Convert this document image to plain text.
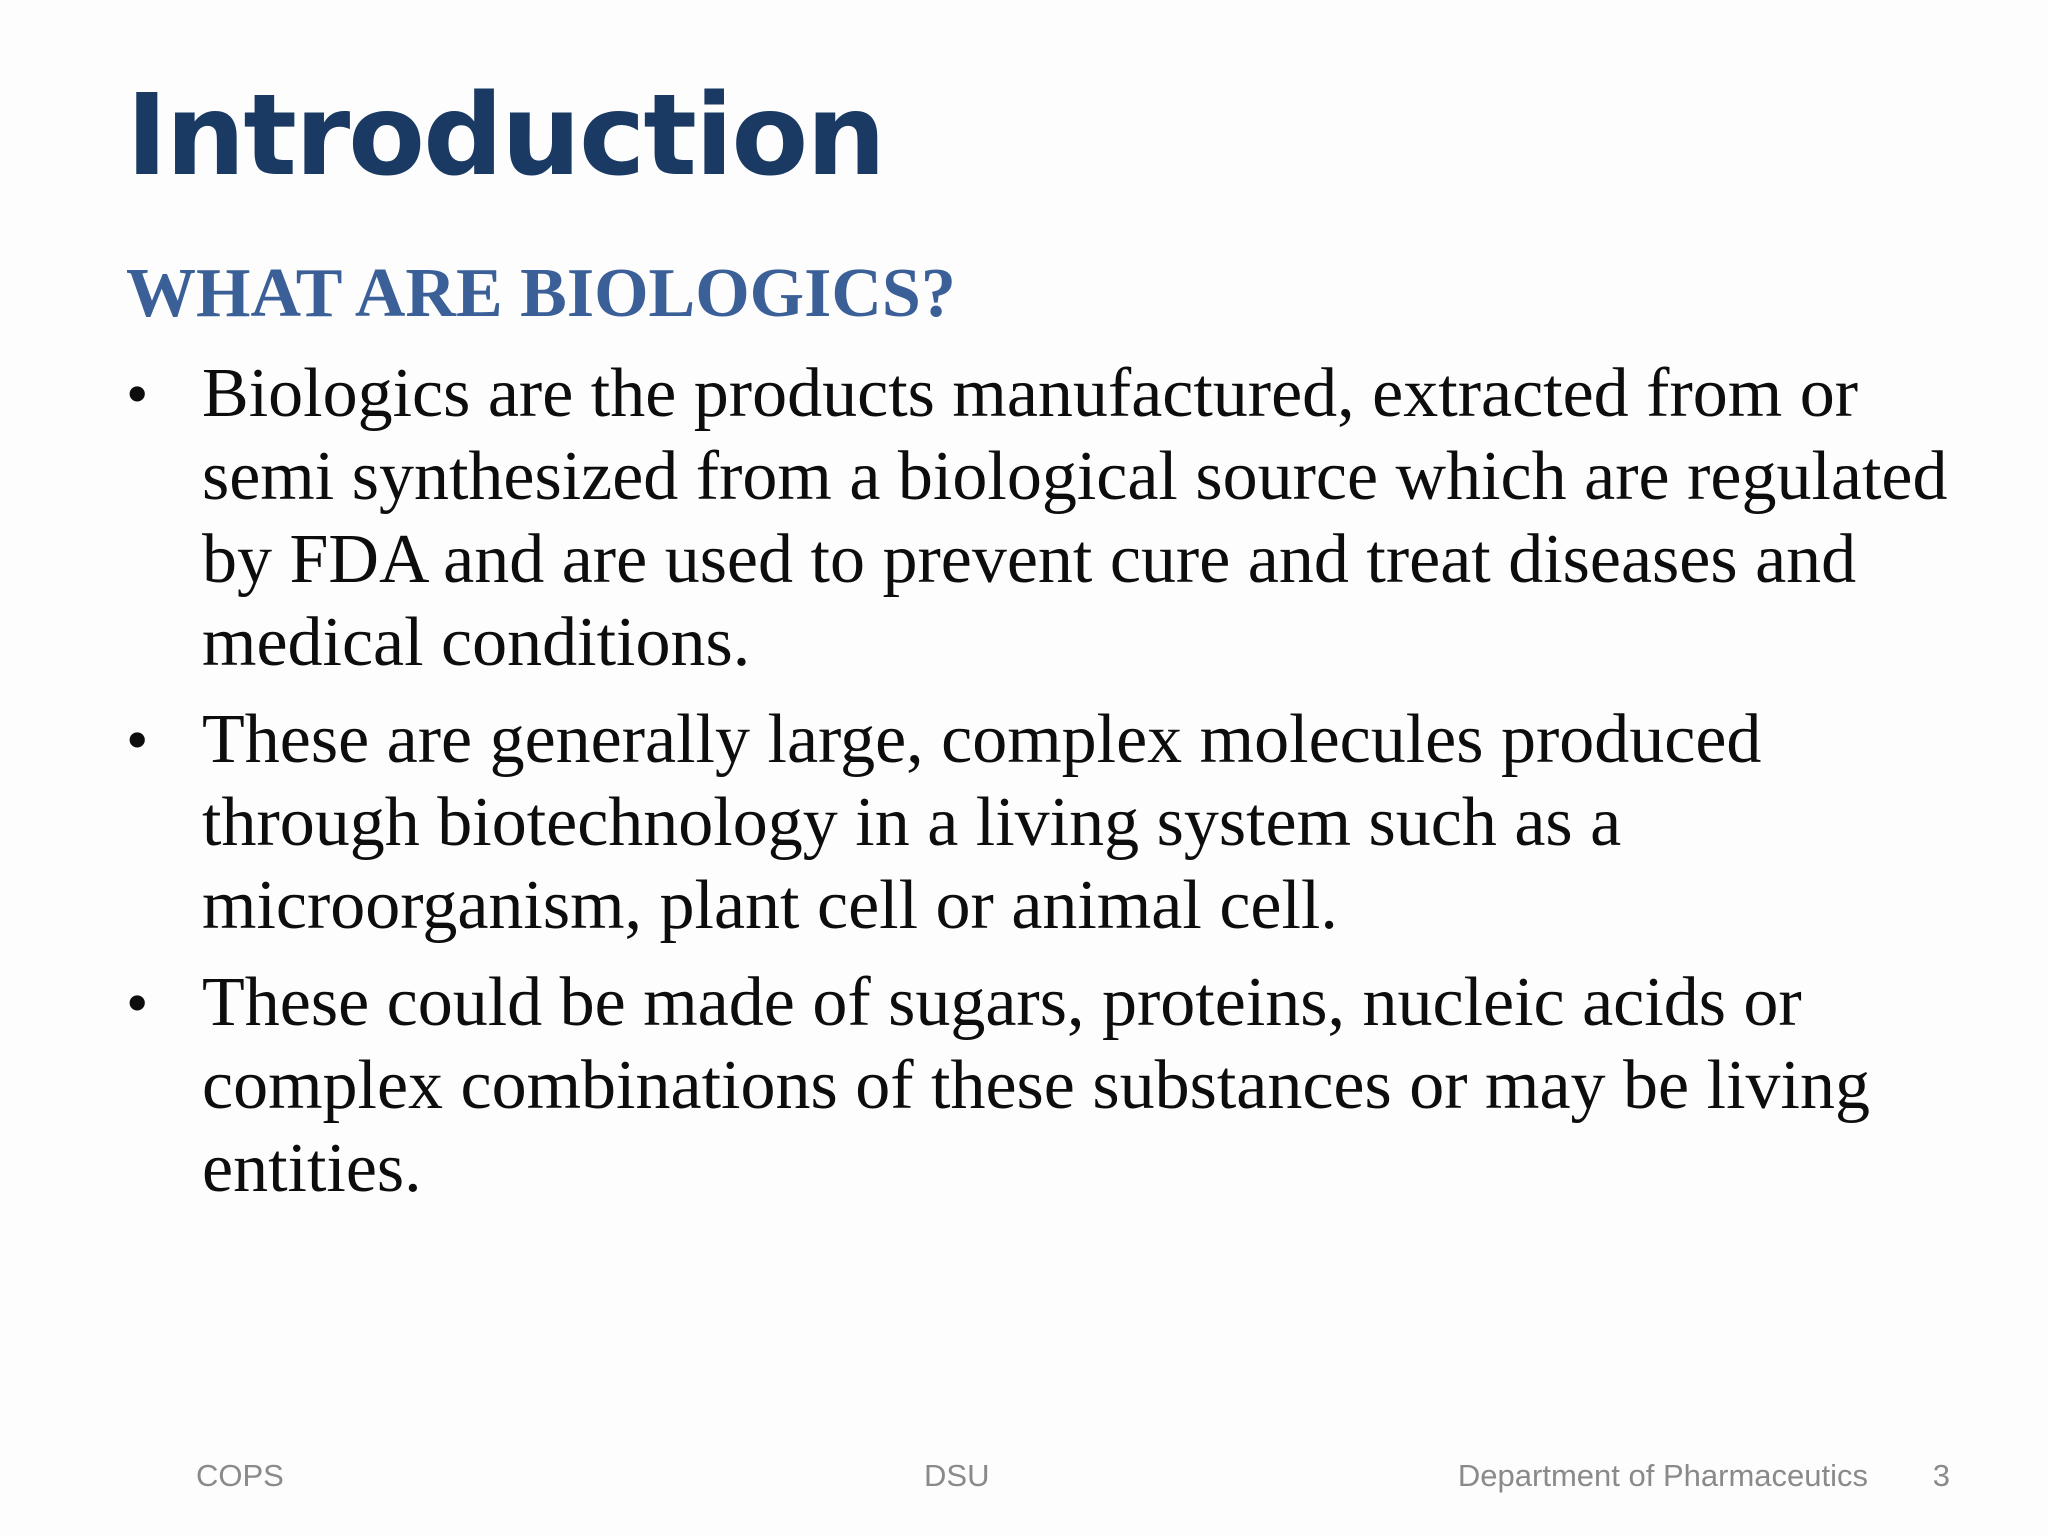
Introduction
WHAT ARE BIOLOGICS?
• Biologics are the products manufactured, extracted from or
semi synthesized from a biological source which are regulated
by FDA and are used to prevent cure and treat diseases and
medical conditions.
• These are generally large, complex molecules produced
through biotechnology in a living system such as a
microorganism, plant cell or animal cell.
• These could be made of sugars, proteins, nucleic acids or
complex combinations of these substances or may be living
entities.
COPS	DSU	Department of Pharmaceutics 3
